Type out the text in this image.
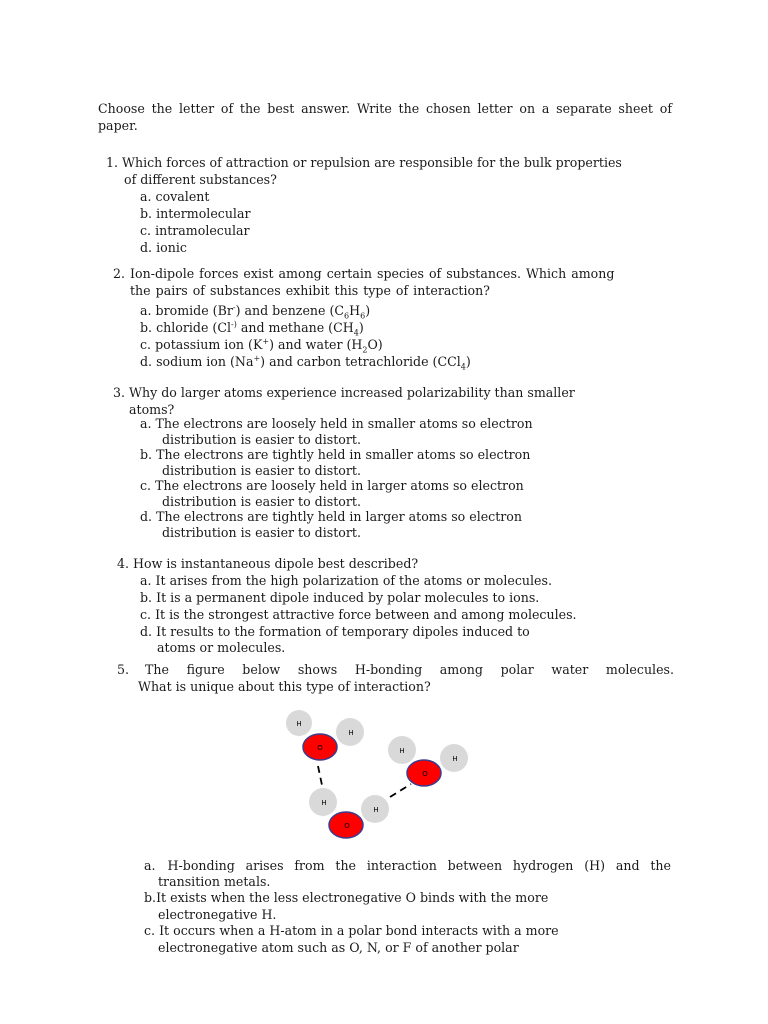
Choose the letter of the best answer. Write the chosen letter on a separate sheet of paper.
1. Which forces of attraction or repulsion are responsible for the bulk properties
of different substances?
a. covalent
b. intermolecular
c. intramolecular
d. ionic
2. Ion-dipole forces exist among certain species of substances. Which among
the pairs of substances exhibit this type of interaction?
a. bromide (Br-) and benzene $(C_6H_6)$
b. chloride (Cl-) and methane $(CH_4)$
c. potassium ion (K+) and water $(H_2O)$
d. sodium ion (Na+) and carbon tetrachloride (CCl$_4$)
3. Why do larger atoms experience increased polarizability than smaller
atoms?
a. The electrons are loosely held in smaller atoms so electron
distribution is easier to distort.
b. The electrons are tightly held in smaller atoms so electron
distribution is easier to distort.
c. The electrons are loosely held in larger atoms so electron
distribution is easier to distort.
d. The electrons are tightly held in larger atoms so electron
distribution is easier to distort.
4. How is instantaneous dipole best described?
a. It arises from the high polarization of the atoms or molecules.
b. It is a permanent dipole induced by polar molecules to ions.
c. It is the strongest attractive force between and among molecules.
d. It results to the formation of temporary dipoles induced to
atoms or molecules.
5.	The figure below shows H-bonding among polar water molecules.
What is unique about this type of interaction?
H
H
O	H
H
O
H
H
O
a. H-bonding arises from the interaction between hydrogen (H) and the
transition metals.
b.It exists when the less electronegative O binds with the more
electronegative H.
c. It occurs when a H-atom in a polar bond interacts with a more
electronegative atom such as O, N, or F of another polar
